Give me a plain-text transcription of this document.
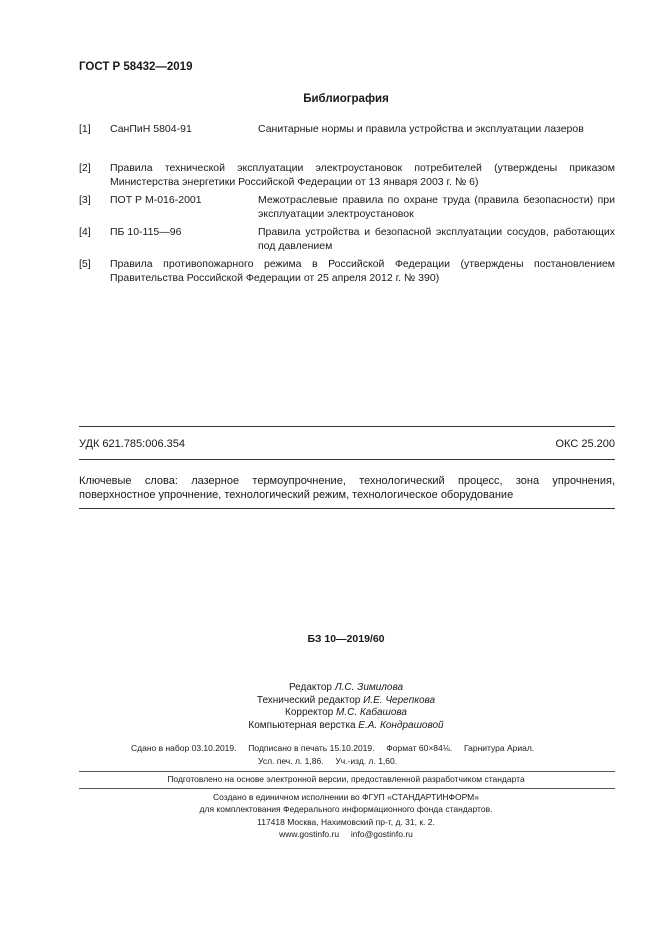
ГОСТ Р 58432—2019
Библиография
[1] СанПиН 5804-91	Санитарные нормы и правила устройства и эксплуатации лазеров
[2] Правила технической эксплуатации электроустановок потребителей (утверждены приказом Министерства энергетики Российской Федерации от 13 января 2003 г. № 6)
[3] ПОТ Р М-016-2001	Межотраслевые правила по охране труда (правила безопасности) при эксплуатации электроустановок
[4] ПБ 10-115—96	Правила устройства и безопасной эксплуатации сосудов, работающих под давлением
[5] Правила противопожарного режима в Российской Федерации (утверждены постановлением Правительства Российской Федерации от 25 апреля 2012 г. № 390)
УДК 621.785:006.354	ОКС 25.200
Ключевые слова: лазерное термоупрочнение, технологический процесс, зона упрочнения, поверхностное упрочнение, технологический режим, технологическое оборудование
БЗ 10—2019/60
Редактор Л.С. Зимилова
Технический редактор И.Е. Черепкова
Корректор М.С. Кабашова
Компьютерная верстка Е.А. Кондрашовой
Сдано в набор 03.10.2019.     Подписано в печать 15.10.2019.     Формат 60×84⅛.     Гарнитура Ариал.
Усл. печ. л. 1,86.     Уч.-изд. л. 1,60.
Подготовлено на основе электронной версии, предоставленной разработчиком стандарта
Создано в единичном исполнении во ФГУП «СТАНДАРТИНФОРМ»
для комплектования Федерального информационного фонда стандартов.
117418 Москва, Нахимовский пр-т, д. 31, к. 2.
www.gostinfo.ru info@gostinfo.ru
